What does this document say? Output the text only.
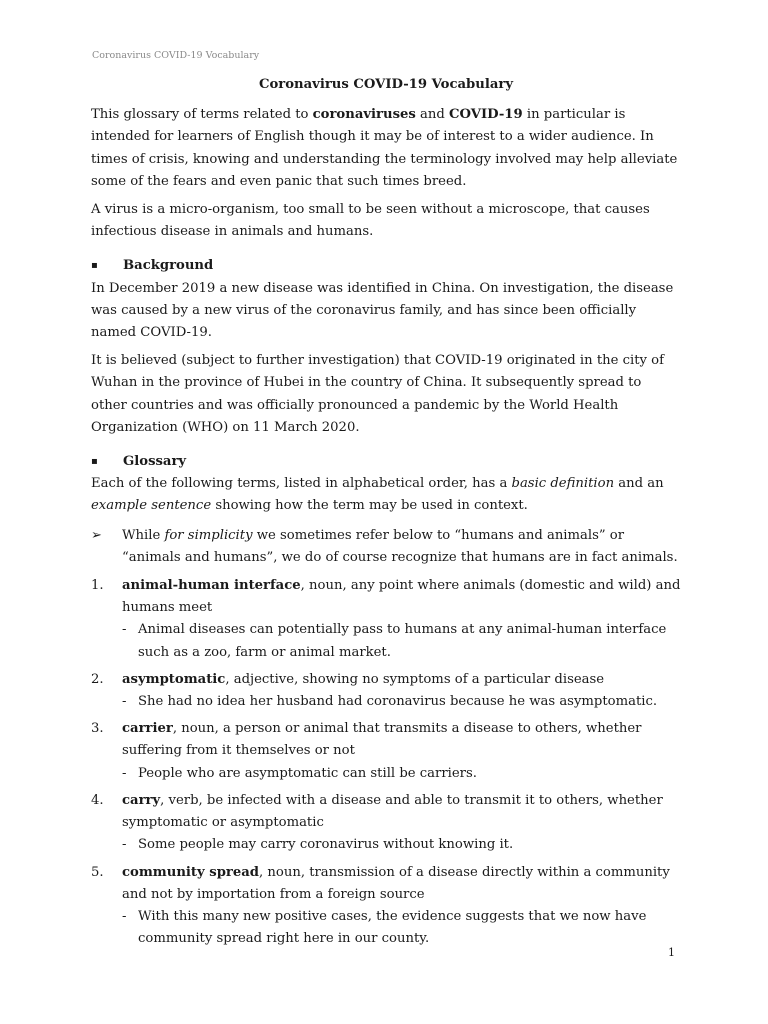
Coronavirus COVID-19 Vocabulary

Coronavirus COVID-19 Vocabulary

This glossary of terms related to coronaviruses and COVID-19 in particular is intended for learners of English though it may be of interest to a wider audience. In times of crisis, knowing and understanding the terminology involved may help alleviate some of the fears and even panic that such times breed.

A virus is a micro-organism, too small to be seen without a microscope, that causes infectious disease in animals and humans.

▪	Background

In December 2019 a new disease was identified in China. On investigation, the disease was caused by a new virus of the coronavirus family, and has since been officially named COVID-19.

It is believed (subject to further investigation) that COVID-19 originated in the city of Wuhan in the province of Hubei in the country of China. It subsequently spread to other countries and was officially pronounced a pandemic by the World Health Organization (WHO) on 11 March 2020.

▪	Glossary

Each of the following terms, listed in alphabetical order, has a basic definition and an example sentence showing how the term may be used in context.

➢	While for simplicity we sometimes refer below to “humans and animals” or “animals and humans”, we do of course recognize that humans are in fact animals.
1.	animal-human interface, noun, any point where animals (domestic and wild) and humans meet
- Animal diseases can potentially pass to humans at any animal-human interface such as a zoo, farm or animal market.
2.	asymptomatic, adjective, showing no symptoms of a particular disease
- She had no idea her husband had coronavirus because he was asymptomatic.
3.	carrier, noun, a person or animal that transmits a disease to others, whether suffering from it themselves or not
- People who are asymptomatic can still be carriers.
4.	carry, verb, be infected with a disease and able to transmit it to others, whether symptomatic or asymptomatic
- Some people may carry coronavirus without knowing it.
5.	community spread, noun, transmission of a disease directly within a community and not by importation from a foreign source
- With this many new positive cases, the evidence suggests that we now have community spread right here in our county.
1
